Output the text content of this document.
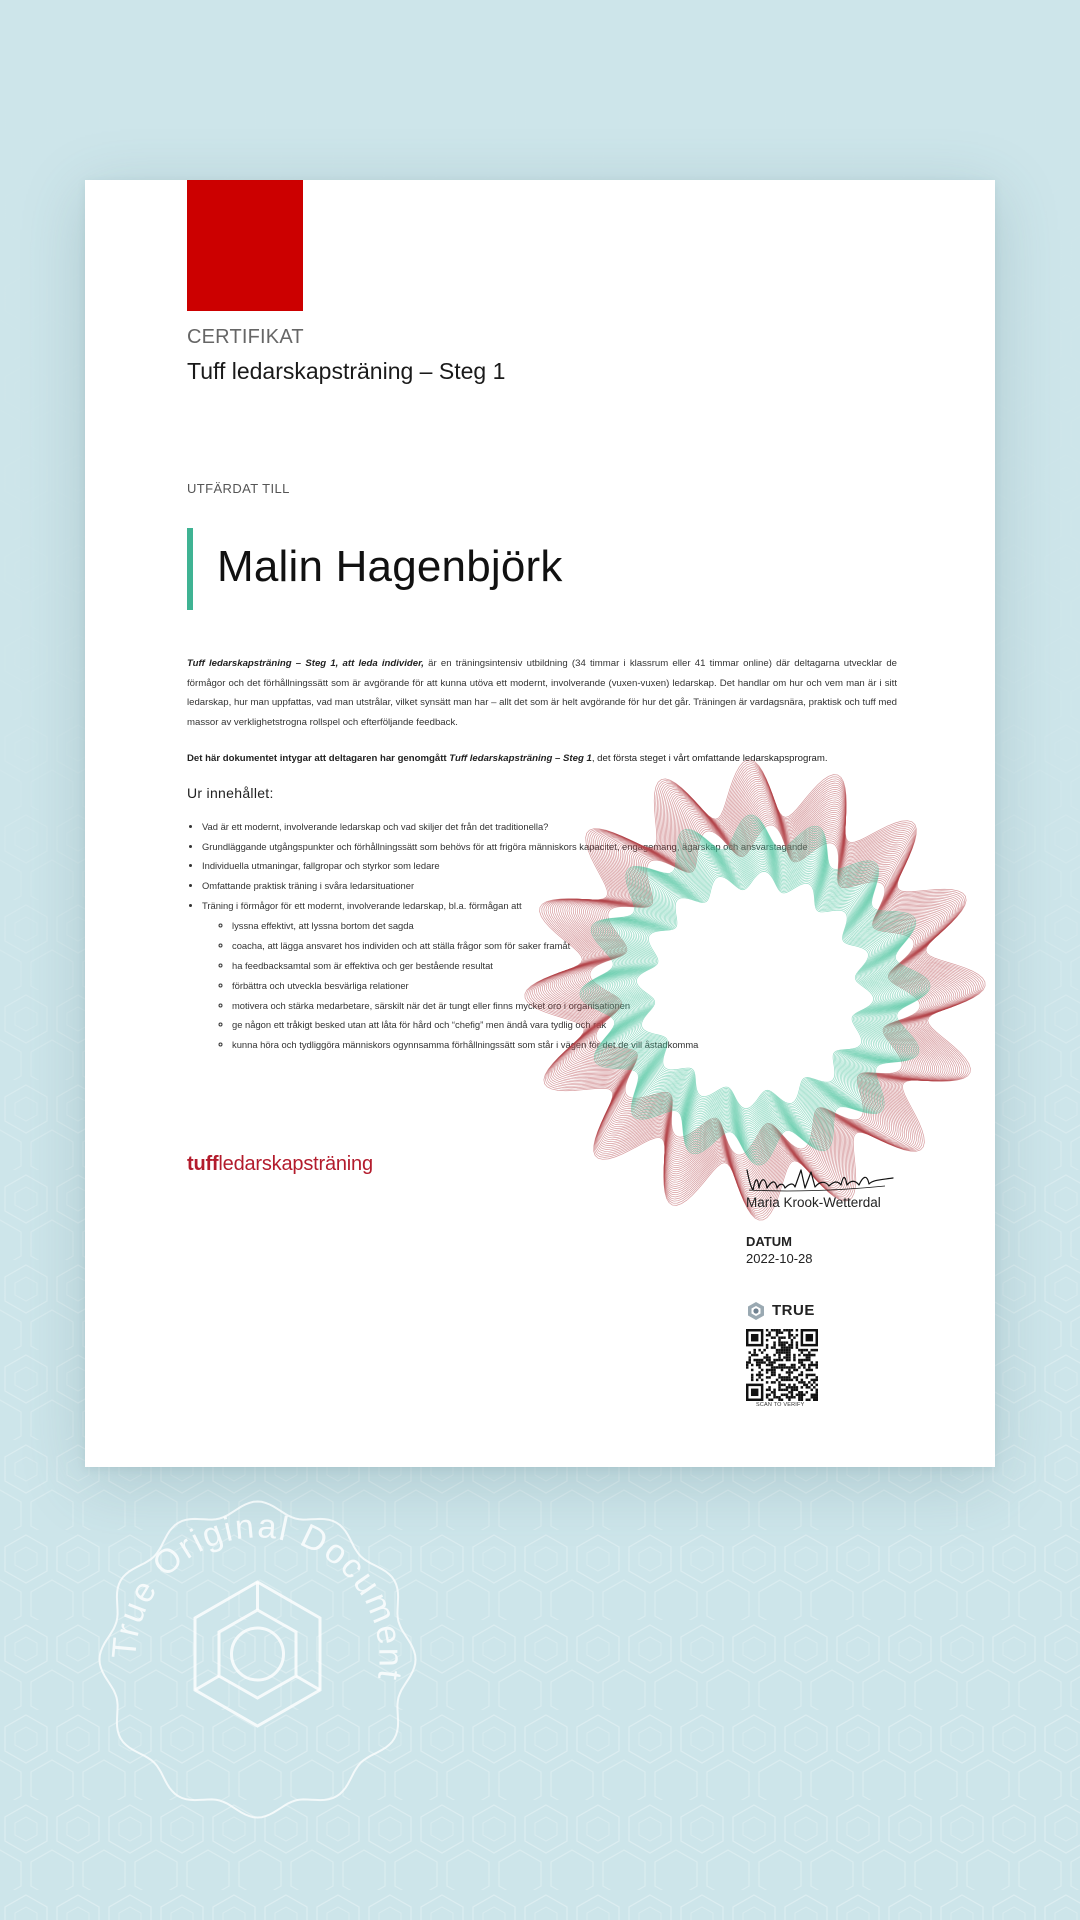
CERTIFIKAT
Tuff ledarskapsträning – Steg 1
UTFÄRDAT TILL
Malin Hagenbjörk
Tuff ledarskapsträning – Steg 1, att leda individer, är en träningsintensiv utbildning (34 timmar i klassrum eller 41 timmar online) där deltagarna utvecklar de förmågor och det förhållningssätt som är avgörande för att kunna utöva ett modernt, involverande (vuxen-vuxen) ledarskap. Det handlar om hur och vem man är i sitt ledarskap, hur man uppfattas, vad man utstrålar, vilket synsätt man har – allt det som är helt avgörande för hur det går. Träningen är vardagsnära, praktisk och tuff med massor av verklighetstrogna rollspel och efterföljande feedback.
Det här dokumentet intygar att deltagaren har genomgått Tuff ledarskapsträning – Steg 1, det första steget i vårt omfattande ledarskapsprogram.
Ur innehållet:
• Vad är ett modernt, involverande ledarskap och vad skiljer det från det traditionella?
• Grundläggande utgångspunkter och förhållningssätt som behövs för att frigöra människors kapacitet, engagemang, ägarskap och ansvarstagande
• Individuella utmaningar, fallgropar och styrkor som ledare
• Omfattande praktisk träning i svåra ledarsituationer
• Träning i förmågor för ett modernt, involverande ledarskap, bl.a. förmågan att
◦ lyssna effektivt, att lyssna bortom det sagda
◦ coacha, att lägga ansvaret hos individen och att ställa frågor som för saker framåt
◦ ha feedbacksamtal som är effektiva och ger bestående resultat
◦ förbättra och utveckla besvärliga relationer
◦ motivera och stärka medarbetare, särskilt när det är tungt eller finns mycket oro i organisationen
◦ ge någon ett tråkigt besked utan att låta för hård och “chefig” men ändå vara tydlig och rak
◦ kunna höra och tydliggöra människors ogynnsamma förhållningssätt som står i vägen för det de vill åstadkomma
tuffledarskapsträning
Maria Krook-Wetterdal
DATUM
2022-10-28
TRUE
SCAN TO VERIFY
True Original Document
